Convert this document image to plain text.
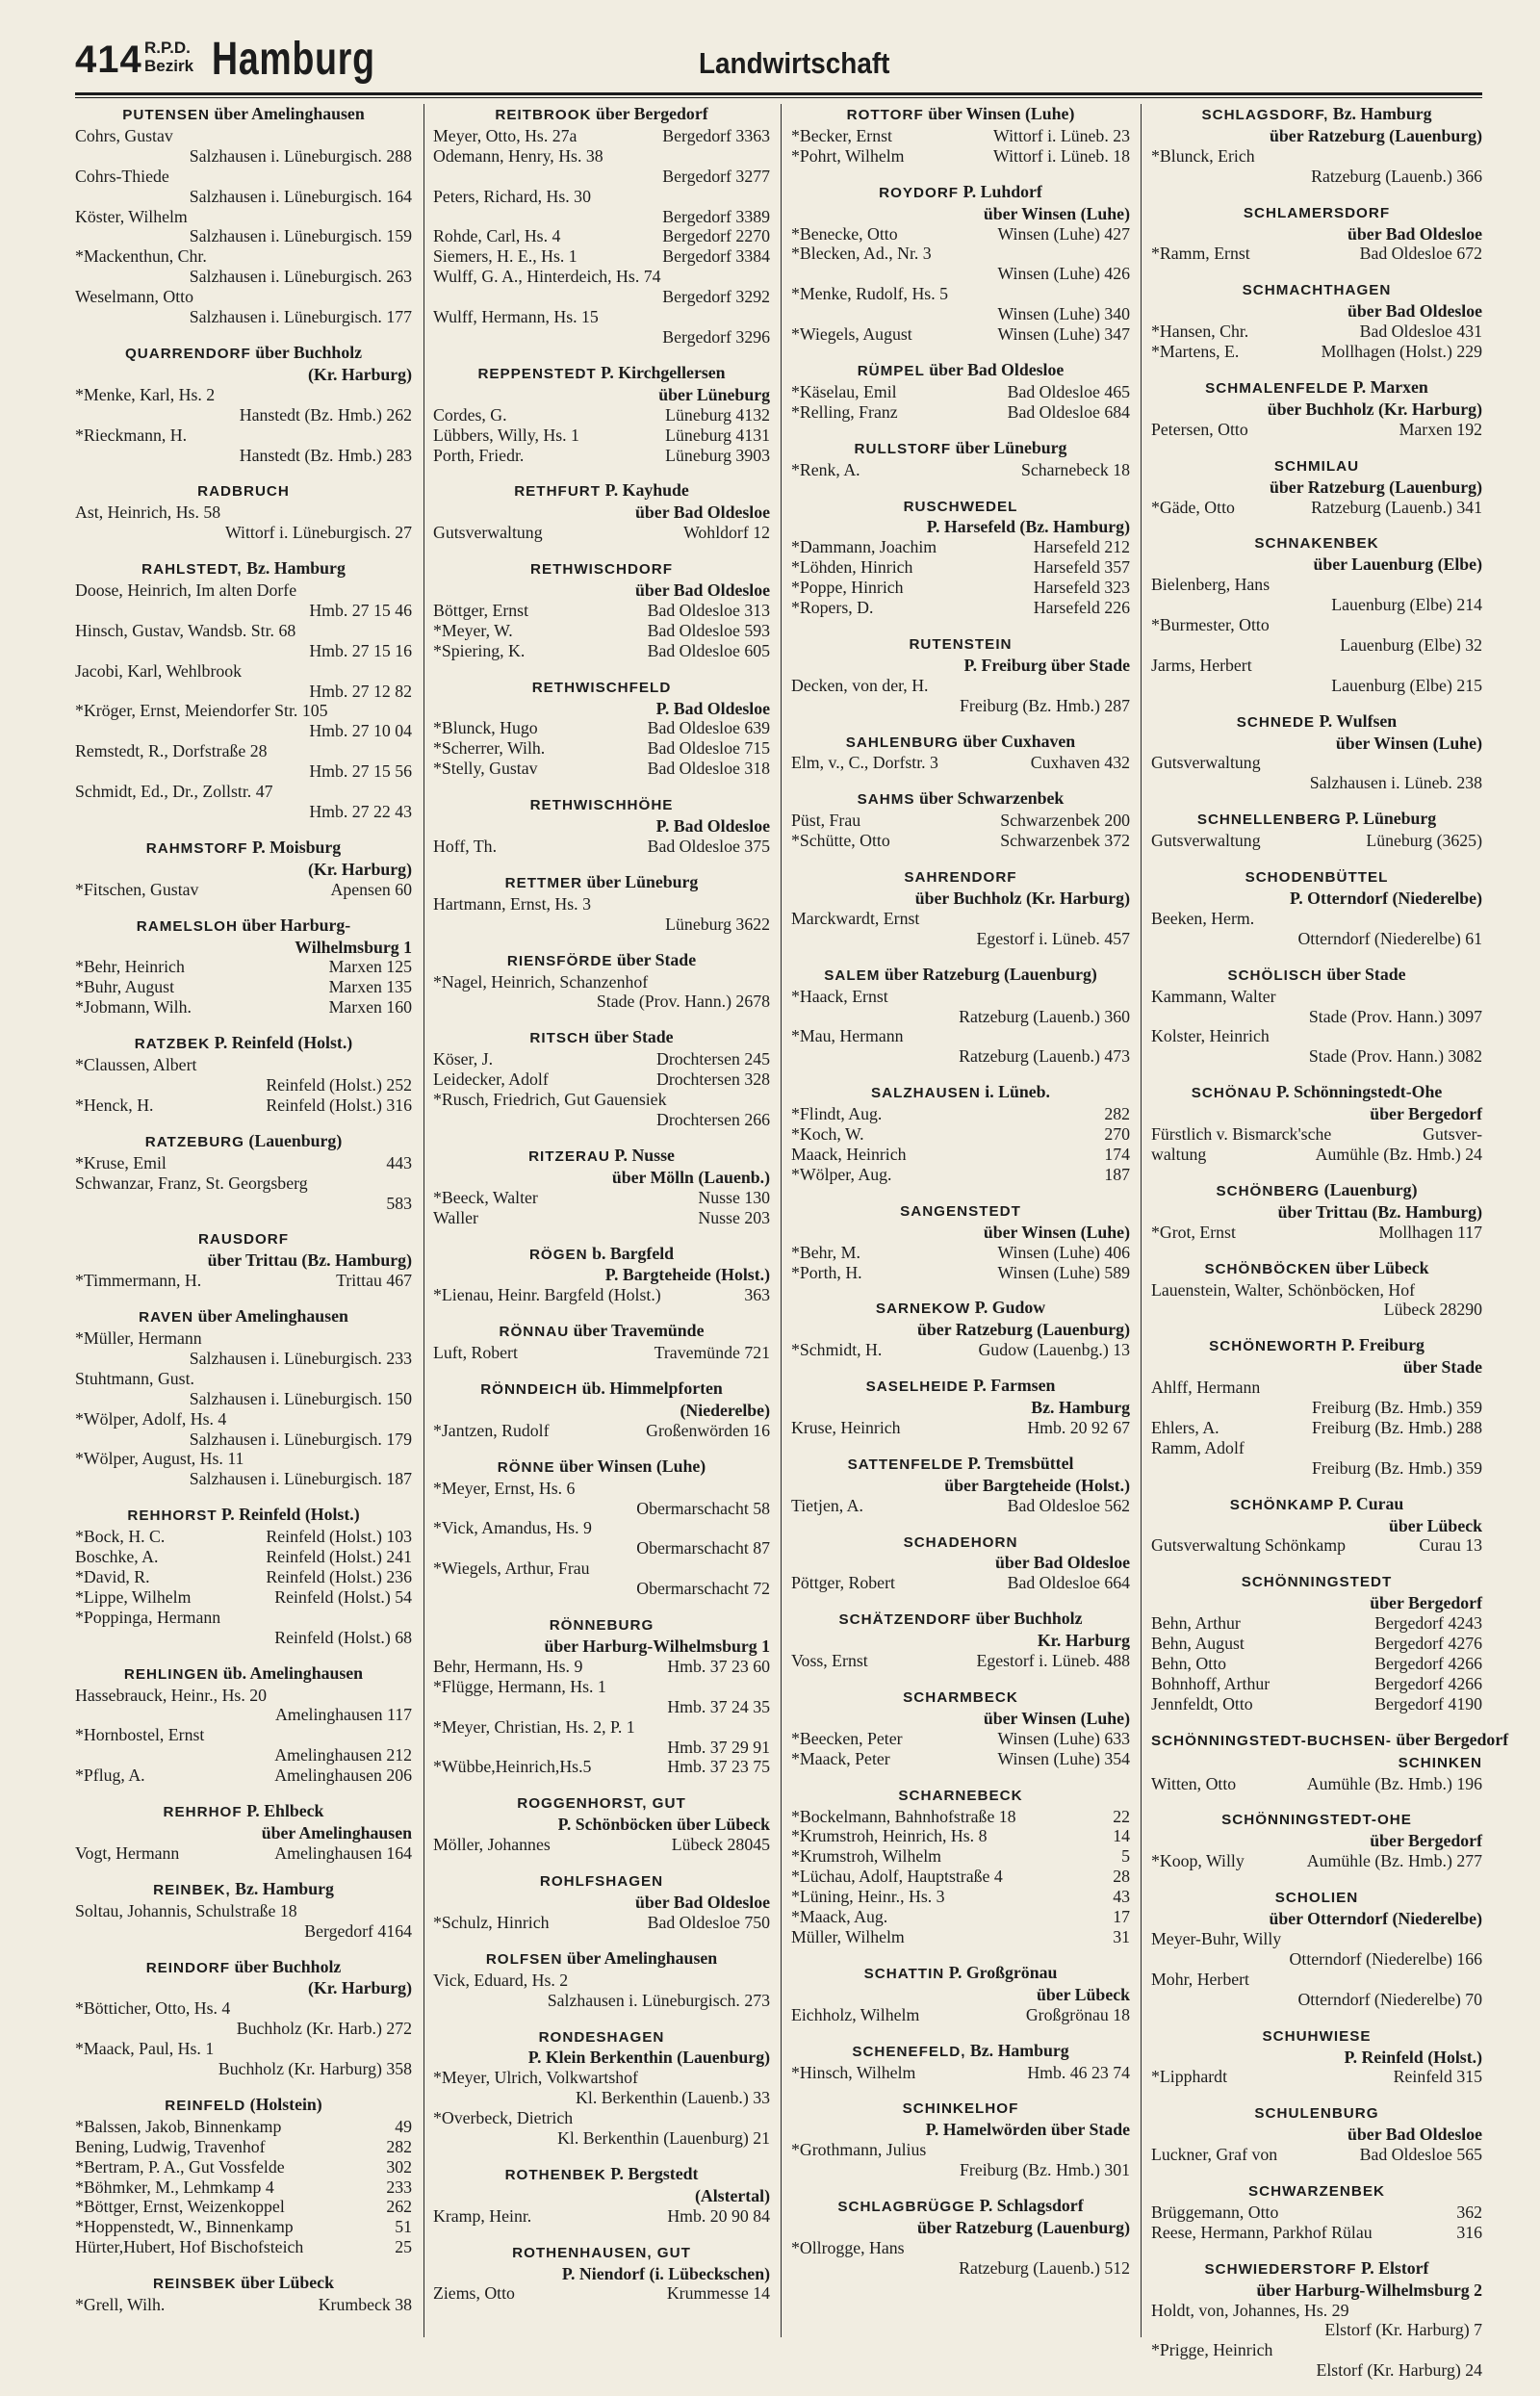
414 R.P.D.
Bezirk Hamburg	Landwirtschaft
PUTENSEN über Amelinghausen
Cohrs, Gustav
Salzhausen i. Lüneburgisch. 288
Cohrs-Thiede
Salzhausen i. Lüneburgisch. 164
Köster, Wilhelm
Salzhausen i. Lüneburgisch. 159
*Mackenthun, Chr.
Salzhausen i. Lüneburgisch. 263
Weselmann, Otto
Salzhausen i. Lüneburgisch. 177
QUARRENDORF über Buchholz
(Kr. Harburg)
*Menke, Karl, Hs. 2
Hanstedt (Bz. Hmb.) 262
*Rieckmann, H.
Hanstedt (Bz. Hmb.) 283
RADBRUCH
Ast, Heinrich, Hs. 58
Wittorf i. Lüneburgisch. 27
RAHLSTEDT, Bz. Hamburg
Doose, Heinrich, Im alten Dorfe
Hmb. 27 15 46
Hinsch, Gustav, Wandsb. Str. 68
Hmb. 27 15 16
Jacobi, Karl, Wehlbrook
Hmb. 27 12 82
*Kröger, Ernst, Meiendorfer Str. 105
Hmb. 27 10 04
Remstedt, R., Dorfstraße 28
Hmb. 27 15 56
Schmidt, Ed., Dr., Zollstr. 47
Hmb. 27 22 43
RAHMSTORF P. Moisburg
(Kr. Harburg)
*Fitschen, Gustav	Apensen 60
RAMELSLOH über Harburg-
Wilhelmsburg 1
*Behr, Heinrich	Marxen 125
*Buhr, August	Marxen 135
*Jobmann, Wilh.	Marxen 160
RATZBEK P. Reinfeld (Holst.)
*Claussen, Albert
Reinfeld (Holst.) 252
*Henck, H.	Reinfeld (Holst.) 316
RATZEBURG (Lauenburg)
*Kruse, Emil	443
Schwanzar, Franz, St. Georgsberg
583
RAUSDORF
über Trittau (Bz. Hamburg)
*Timmermann, H.	Trittau 467
RAVEN über Amelinghausen
*Müller, Hermann
Salzhausen i. Lüneburgisch. 233
Stuhtmann, Gust.
Salzhausen i. Lüneburgisch. 150
*Wölper, Adolf, Hs. 4
Salzhausen i. Lüneburgisch. 179
*Wölper, August, Hs. 11
Salzhausen i. Lüneburgisch. 187
REHHORST P. Reinfeld (Holst.)
*Bock, H. C.	Reinfeld (Holst.) 103
Boschke, A.	Reinfeld (Holst.) 241
*David, R.	Reinfeld (Holst.) 236
*Lippe, Wilhelm	Reinfeld (Holst.) 54
*Poppinga, Hermann
Reinfeld (Holst.) 68
REHLINGEN üb. Amelinghausen
Hassebrauck, Heinr., Hs. 20
Amelinghausen 117
*Hornbostel, Ernst
Amelinghausen 212
*Pflug, A.	Amelinghausen 206
REHRHOF P. Ehlbeck
über Amelinghausen
Vogt, Hermann	Amelinghausen 164
REINBEK, Bz. Hamburg
Soltau, Johannis, Schulstraße 18
Bergedorf 4164
REINDORF über Buchholz
(Kr. Harburg)
*Bötticher, Otto, Hs. 4
Buchholz (Kr. Harb.) 272
*Maack, Paul, Hs. 1
Buchholz (Kr. Harburg) 358
REINFELD (Holstein)
*Balssen, Jakob, Binnenkamp	49
Bening, Ludwig, Travenhof	282
*Bertram, P. A., Gut Vossfelde	302
*Böhmker, M., Lehmkamp 4	233
*Böttger, Ernst, Weizenkoppel	262
*Hoppenstedt, W., Binnenkamp	51
Hürter,Hubert, Hof Bischofsteich	25
REINSBEK über Lübeck
*Grell, Wilh.	Krumbeck 38
REITBROOK über Bergedorf
Meyer, Otto, Hs. 27a	Bergedorf 3363
Odemann, Henry, Hs. 38
Bergedorf 3277
Peters, Richard, Hs. 30
Bergedorf 3389
Rohde, Carl, Hs. 4	Bergedorf 2270
Siemers, H. E., Hs. 1	Bergedorf 3384
Wulff, G. A., Hinterdeich, Hs. 74
Bergedorf 3292
Wulff, Hermann, Hs. 15
Bergedorf 3296
REPPENSTEDT P. Kirchgellersen
über Lüneburg
Cordes, G.	Lüneburg 4132
Lübbers, Willy, Hs. 1	Lüneburg 4131
Porth, Friedr.	Lüneburg 3903
RETHFURT P. Kayhude
über Bad Oldesloe
Gutsverwaltung	Wohldorf 12
RETHWISCHDORF
über Bad Oldesloe
Böttger, Ernst	Bad Oldesloe 313
*Meyer, W.	Bad Oldesloe 593
*Spiering, K.	Bad Oldesloe 605
RETHWISCHFELD
P. Bad Oldesloe
*Blunck, Hugo	Bad Oldesloe 639
*Scherrer, Wilh.	Bad Oldesloe 715
*Stelly, Gustav	Bad Oldesloe 318
RETHWISCHHÖHE
P. Bad Oldesloe
Hoff, Th.	Bad Oldesloe 375
RETTMER über Lüneburg
Hartmann, Ernst, Hs. 3
Lüneburg 3622
RIENSFÖRDE über Stade
*Nagel, Heinrich, Schanzenhof
Stade (Prov. Hann.) 2678
RITSCH über Stade
Köser, J.	Drochtersen 245
Leidecker, Adolf	Drochtersen 328
*Rusch, Friedrich, Gut Gauensiek
Drochtersen 266
RITZERAU P. Nusse
über Mölln (Lauenb.)
*Beeck, Walter	Nusse 130
Waller	Nusse 203
RÖGEN b. Bargfeld
P. Bargteheide (Holst.)
*Lienau, Heinr. Bargfeld (Holst.)	363
RÖNNAU über Travemünde
Luft, Robert	Travemünde 721
RÖNNDEICH üb. Himmelpforten
(Niederelbe)
*Jantzen, Rudolf	Großenwörden 16
RÖNNE über Winsen (Luhe)
*Meyer, Ernst, Hs. 6
Obermarschacht 58
*Vick, Amandus, Hs. 9
Obermarschacht 87
*Wiegels, Arthur, Frau
Obermarschacht 72
RÖNNEBURG
über Harburg-Wilhelmsburg 1
Behr, Hermann, Hs. 9	Hmb. 37 23 60
*Flügge, Hermann, Hs. 1
Hmb. 37 24 35
*Meyer, Christian, Hs. 2, P. 1
Hmb. 37 29 91
*Wübbe,Heinrich,Hs.5	Hmb. 37 23 75
ROGGENHORST, GUT
P. Schönböcken über Lübeck
Möller, Johannes	Lübeck 28045
ROHLFSHAGEN
über Bad Oldesloe
*Schulz, Hinrich	Bad Oldesloe 750
ROLFSEN über Amelinghausen
Vick, Eduard, Hs. 2
Salzhausen i. Lüneburgisch. 273
RONDESHAGEN
P. Klein Berkenthin (Lauenburg)
*Meyer, Ulrich, Volkwartshof
Kl. Berkenthin (Lauenb.) 33
*Overbeck, Dietrich
Kl. Berkenthin (Lauenburg) 21
ROTHENBEK P. Bergstedt
(Alstertal)
Kramp, Heinr.	Hmb. 20 90 84
ROTHENHAUSEN, GUT
P. Niendorf (i. Lübeckschen)
Ziems, Otto	Krummesse 14
ROTTORF über Winsen (Luhe)
*Becker, Ernst	Wittorf i. Lüneb. 23
*Pohrt, Wilhelm	Wittorf i. Lüneb. 18
ROYDORF P. Luhdorf
über Winsen (Luhe)
*Benecke, Otto	Winsen (Luhe) 427
*Blecken, Ad., Nr. 3
Winsen (Luhe) 426
*Menke, Rudolf, Hs. 5
Winsen (Luhe) 340
*Wiegels, August	Winsen (Luhe) 347
RÜMPEL über Bad Oldesloe
*Käselau, Emil	Bad Oldesloe 465
*Relling, Franz	Bad Oldesloe 684
RULLSTORF über Lüneburg
*Renk, A.	Scharnebeck 18
RUSCHWEDEL
P. Harsefeld (Bz. Hamburg)
*Dammann, Joachim	Harsefeld 212
*Löhden, Hinrich	Harsefeld 357
*Poppe, Hinrich	Harsefeld 323
*Ropers, D.	Harsefeld 226
RUTENSTEIN
P. Freiburg über Stade
Decken, von der, H.
Freiburg (Bz. Hmb.) 287
SAHLENBURG über Cuxhaven
Elm, v., C., Dorfstr. 3	Cuxhaven 432
SAHMS über Schwarzenbek
Püst, Frau	Schwarzenbek 200
*Schütte, Otto	Schwarzenbek 372
SAHRENDORF
über Buchholz (Kr. Harburg)
Marckwardt, Ernst
Egestorf i. Lüneb. 457
SALEM über Ratzeburg (Lauenburg)
*Haack, Ernst
Ratzeburg (Lauenb.) 360
*Mau, Hermann
Ratzeburg (Lauenb.) 473
SALZHAUSEN i. Lüneb.
*Flindt, Aug.	282
*Koch, W.	270
Maack, Heinrich	174
*Wölper, Aug.	187
SANGENSTEDT
über Winsen (Luhe)
*Behr, M.	Winsen (Luhe) 406
*Porth, H.	Winsen (Luhe) 589
SARNEKOW P. Gudow
über Ratzeburg (Lauenburg)
*Schmidt, H.	Gudow (Lauenbg.) 13
SASELHEIDE P. Farmsen
Bz. Hamburg
Kruse, Heinrich	Hmb. 20 92 67
SATTENFELDE P. Tremsbüttel
über Bargteheide (Holst.)
Tietjen, A.	Bad Oldesloe 562
SCHADEHORN
über Bad Oldesloe
Pöttger, Robert	Bad Oldesloe 664
SCHÄTZENDORF über Buchholz
Kr. Harburg
Voss, Ernst	Egestorf i. Lüneb. 488
SCHARMBECK
über Winsen (Luhe)
*Beecken, Peter	Winsen (Luhe) 633
*Maack, Peter	Winsen (Luhe) 354
SCHARNEBECK
*Bockelmann, Bahnhofstraße 18	22
*Krumstroh, Heinrich, Hs. 8	14
*Krumstroh, Wilhelm	5
*Lüchau, Adolf, Hauptstraße 4	28
*Lüning, Heinr., Hs. 3	43
*Maack, Aug.	17
Müller, Wilhelm	31
SCHATTIN P. Großgrönau
über Lübeck
Eichholz, Wilhelm	Großgrönau 18
SCHENEFELD, Bz. Hamburg
*Hinsch, Wilhelm	Hmb. 46 23 74
SCHINKELHOF
P. Hamelwörden über Stade
*Grothmann, Julius
Freiburg (Bz. Hmb.) 301
SCHLAGBRÜGGE P. Schlagsdorf
über Ratzeburg (Lauenburg)
*Ollrogge, Hans
Ratzeburg (Lauenb.) 512
SCHLAGSDORF, Bz. Hamburg
über Ratzeburg (Lauenburg)
*Blunck, Erich
Ratzeburg (Lauenb.) 366
SCHLAMERSDORF
über Bad Oldesloe
*Ramm, Ernst	Bad Oldesloe 672
SCHMACHTHAGEN
über Bad Oldesloe
*Hansen, Chr.	Bad Oldesloe 431
*Martens, E.	Mollhagen (Holst.) 229
SCHMALENFELDE P. Marxen
über Buchholz (Kr. Harburg)
Petersen, Otto	Marxen 192
SCHMILAU
über Ratzeburg (Lauenburg)
*Gäde, Otto	Ratzeburg (Lauenb.) 341
SCHNAKENBEK
über Lauenburg (Elbe)
Bielenberg, Hans
Lauenburg (Elbe) 214
*Burmester, Otto
Lauenburg (Elbe) 32
Jarms, Herbert
Lauenburg (Elbe) 215
SCHNEDE P. Wulfsen
über Winsen (Luhe)
Gutsverwaltung
Salzhausen i. Lüneb. 238
SCHNELLENBERG P. Lüneburg
Gutsverwaltung	Lüneburg (3625)
SCHODENBÜTTEL
P. Otterndorf (Niederelbe)
Beeken, Herm.
Otterndorf (Niederelbe) 61
SCHÖLISCH über Stade
Kammann, Walter
Stade (Prov. Hann.) 3097
Kolster, Heinrich
Stade (Prov. Hann.) 3082
SCHÖNAU P. Schönningstedt-Ohe
über Bergedorf
Fürstlich v. Bismarck'sche	Gutsver-
waltung	Aumühle (Bz. Hmb.) 24
SCHÖNBERG (Lauenburg)
über Trittau (Bz. Hamburg)
*Grot, Ernst	Mollhagen 117
SCHÖNBÖCKEN über Lübeck
Lauenstein, Walter, Schönböcken, Hof
Lübeck 28290
SCHÖNEWORTH P. Freiburg
über Stade
Ahlff, Hermann
Freiburg (Bz. Hmb.) 359
Ehlers, A.	Freiburg (Bz. Hmb.) 288
Ramm, Adolf
Freiburg (Bz. Hmb.) 359
SCHÖNKAMP P. Curau
über Lübeck
Gutsverwaltung Schönkamp	Curau 13
SCHÖNNINGSTEDT
über Bergedorf
Behn, Arthur	Bergedorf 4243
Behn, August	Bergedorf 4276
Behn, Otto	Bergedorf 4266
Bohnhoff, Arthur	Bergedorf 4266
Jennfeldt, Otto	Bergedorf 4190
SCHÖNNINGSTEDT-BUCHSEN- über Bergedorf
SCHINKEN
Witten, Otto	Aumühle (Bz. Hmb.) 196
SCHÖNNINGSTEDT-OHE
über Bergedorf
*Koop, Willy	Aumühle (Bz. Hmb.) 277
SCHOLIEN
über Otterndorf (Niederelbe)
Meyer-Buhr, Willy
Otterndorf (Niederelbe) 166
Mohr, Herbert
Otterndorf (Niederelbe) 70
SCHUHWIESE
P. Reinfeld (Holst.)
*Lipphardt	Reinfeld 315
SCHULENBURG
über Bad Oldesloe
Luckner, Graf von	Bad Oldesloe 565
SCHWARZENBEK
Brüggemann, Otto	362
Reese, Hermann, Parkhof Rülau	316
SCHWIEDERSTORF P. Elstorf
über Harburg-Wilhelmsburg 2
Holdt, von, Johannes, Hs. 29
Elstorf (Kr. Harburg) 7
*Prigge, Heinrich
Elstorf (Kr. Harburg) 24
